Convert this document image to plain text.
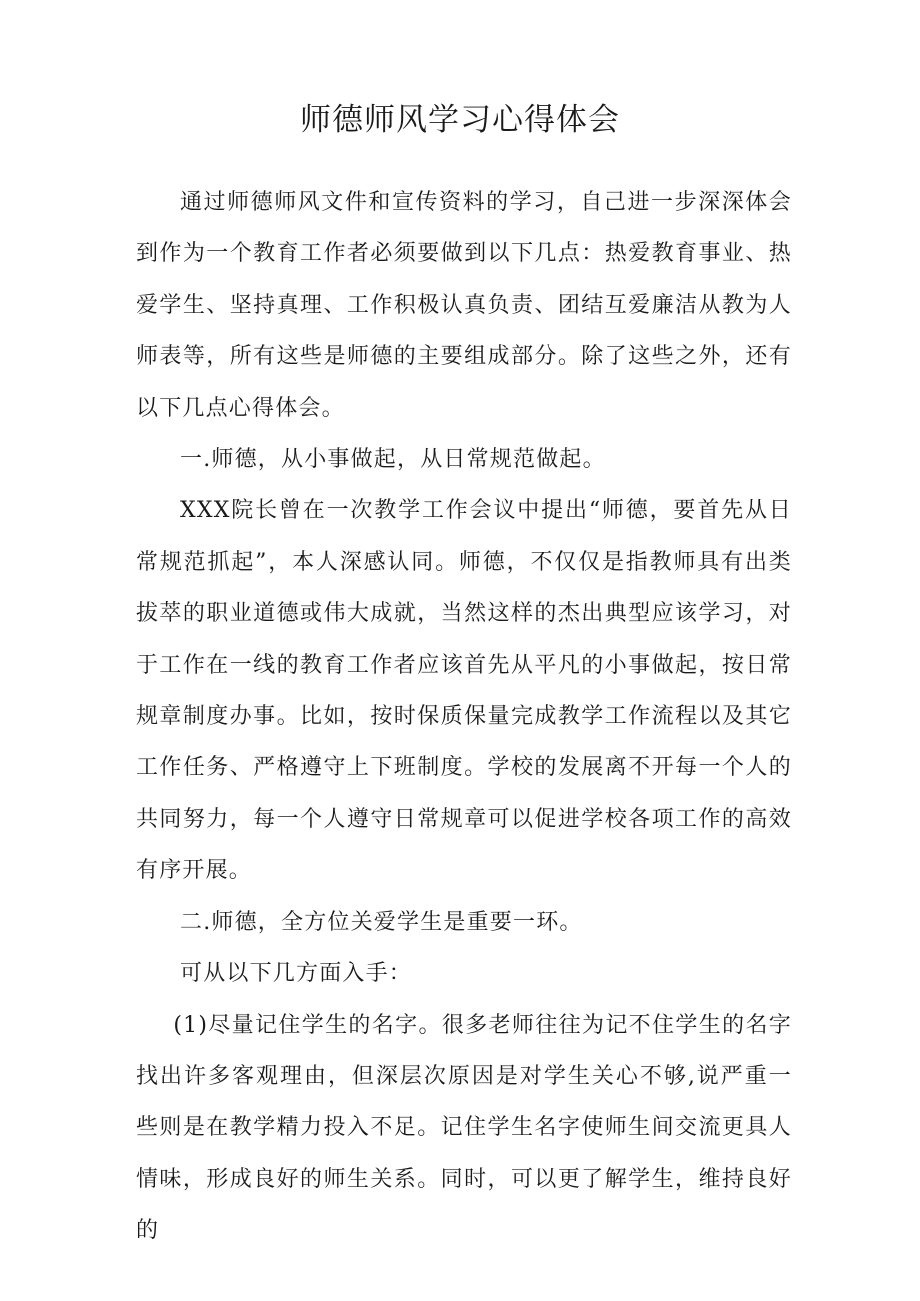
师德师风学习心得体会

通过师德师风文件和宣传资料的学习，自己进一步深深体会到作为一个教育工作者必须要做到以下几点：热爱教育事业、热爱学生、坚持真理、工作积极认真负责、团结互爱廉洁从教为人师表等，所有这些是师德的主要组成部分。除了这些之外，还有以下几点心得体会。

一.师德，从小事做起，从日常规范做起。

XXX院长曾在一次教学工作会议中提出“师德，要首先从日常规范抓起”，本人深感认同。师德，不仅仅是指教师具有出类拔萃的职业道德或伟大成就，当然这样的杰出典型应该学习，对于工作在一线的教育工作者应该首先从平凡的小事做起，按日常规章制度办事。比如，按时保质保量完成教学工作流程以及其它工作任务、严格遵守上下班制度。学校的发展离不开每一个人的共同努力，每一个人遵守日常规章可以促进学校各项工作的高效有序开展。

二.师德，全方位关爱学生是重要一环。

可从以下几方面入手：

(1)尽量记住学生的名字。很多老师往往为记不住学生的名字找出许多客观理由，但深层次原因是对学生关心不够,说严重一些则是在教学精力投入不足。记住学生名字使师生间交流更具人情味，形成良好的师生关系。同时，可以更了解学生，维持良好的
